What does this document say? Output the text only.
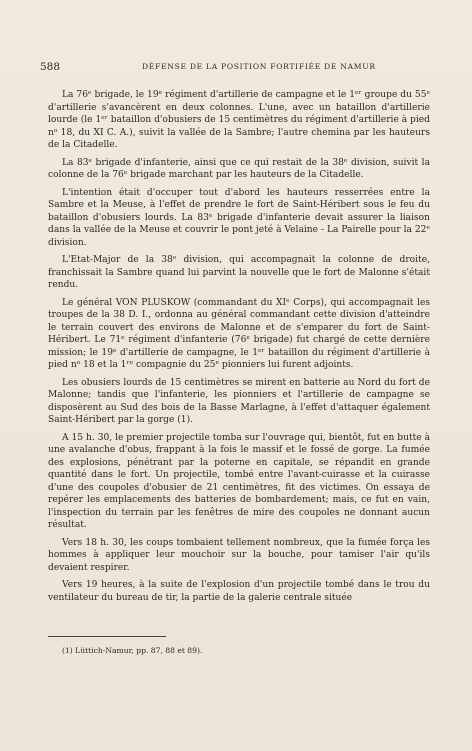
588	DÉFENSE DE LA POSITION FORTIFIÉE DE NAMUR

La 76ᵉ brigade, le 19ᵉ régiment d'artillerie de campagne et le 1ᵉʳ groupe du 55ᵉ d'artillerie s'avancèrent en deux colonnes. L'une, avec un bataillon d'artillerie lourde (le 1ᵉʳ bataillon d'obusiers de 15 centimètres du régiment d'artillerie à pied nᵒ 18, du XI C. A.), suivit la vallée de la Sambre; l'autre chemina par les hauteurs de la Citadelle.

La 83ᵉ brigade d'infanterie, ainsi que ce qui restait de la 38ᵉ division, suivit la colonne de la 76ᵉ brigade marchant par les hauteurs de la Citadelle.

L'intention était d'occuper tout d'abord les hauteurs resserrées entre la Sambre et la Meuse, à l'effet de prendre le fort de Saint-Héribert sous le feu du bataillon d'obusiers lourds. La 83ᵉ brigade d'infanterie devait assurer la liaison dans la vallée de la Meuse et couvrir le pont jeté à Velaine - La Pairelle pour la 22ᵉ division.

L'Etat-Major de la 38ᵉ division, qui accompagnait la colonne de droite, franchissait la Sambre quand lui parvint la nouvelle que le fort de Malonne s'était rendu.

Le général VON PLUSKOW (commandant du XIᵉ Corps), qui accompagnait les troupes de la 38 D. I., ordonna au général commandant cette division d'atteindre le terrain couvert des environs de Malonne et de s'emparer du fort de Saint-Héribert. Le 71ᵉ régiment d'infanterie (76ᵉ brigade) fut chargé de cette dernière mission; le 19ᵉ d'artillerie de campagne, le 1ᵉʳ bataillon du régiment d'artillerie à pied nᵒ 18 et la 1ʳᵉ compagnie du 25ᵉ pionniers lui furent adjoints.

Les obusiers lourds de 15 centimètres se mirent en batterie au Nord du fort de Malonne; tandis que l'infanterie, les pionniers et l'artillerie de campagne se disposèrent au Sud des bois de la Basse Marlagne, à l'effet d'attaquer également Saint-Héribert par la gorge (1).

A 15 h. 30, le premier projectile tomba sur l'ouvrage qui, bientôt, fut en butte à une avalanche d'obus, frappant à la fois le massif et le fossé de gorge. La fumée des explosions, pénétrant par la poterne en capitale, se répandit en grande quantité dans le fort. Un projectile, tombé entre l'avant-cuirasse et la cuirasse d'une des coupoles d'obusier de 21 centimètres, fit des victimes. On essaya de repérer les emplacements des batteries de bombardement; mais, ce fut en vain, l'inspection du terrain par les fenêtres de mire des coupoles ne donnant aucun résultat.

Vers 18 h. 30, les coups tombaient tellement nombreux, que la fumée força les hommes à appliquer leur mouchoir sur la bouche, pour tamiser l'air qu'ils devaient respirer.

Vers 19 heures, à la suite de l'explosion d'un projectile tombé dans le trou du ventilateur du bureau de tir, la partie de la galerie centrale située

(1) Lüttich-Namur, pp. 87, 88 et 89).
